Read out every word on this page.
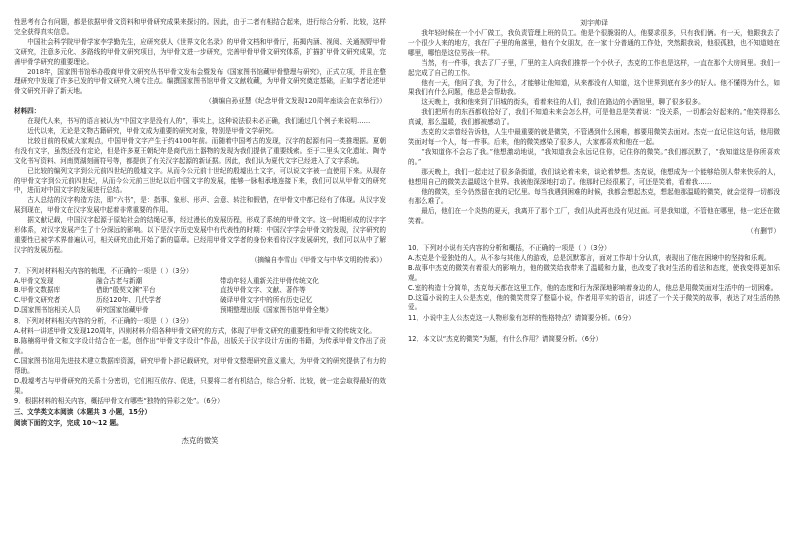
性思考有合有问题，都是依据甲骨文资料和甲骨研究成果来探讨的。因此，由于二者有相结合起来，进行综合分析、比较，这样完全获得真实信息。

中国社会科学院甲骨学家李学勤先生，应研究获人《世界文化名录》的甲骨文档和甲骨厅，拓揭内涵、视阅、关通视野甲骨文研究，注意多元化、多路线的甲骨文研究项目，为甲骨文进一步研究，完善甲骨甲骨文研究体系，扩描扩甲骨文研究成果，完善甲骨学研究的重要理论。

2018年，国家图书馆举办殷商甲骨文研究丛书甲骨文发布会暨发布《国家图书馆藏甲骨整理与研究》，正式立项，并且在整理研究中发现了许多已发的甲骨文研究入境专注点。编撰国家图书馆甲骨文文献收藏，为甲骨文研究奠定基础，正如学者论述甲骨文研究开辟了新天地。

（摘编自孙亚慧《纪念甲骨文发现120周年座谈会在京举行》）

材料四：

在现代人来，书写的语言被认为“中国文字是没有人的”，事实上，这种说法很未必正确，我们通过几个例子来说明……

近代以来，无论是文物古籍研究，甲骨文成为重要的研究对象，特别是甲骨文学研究。

比较目前的权威大家观点，中国甲骨文字产生于约4100年前。而随着中国考古的发现，汉字的起源有同一类推理据。夏朝有没有文字，虽然还没有定论，但是许多夏王朝纪年是商代出土器物的发现为我们提供了重要线索。至于二里头文化遗址、陶寺文化书写资料、河南贾湖刻画符号等，都提供了有关汉字起源的新证据。因此，我们认为夏代文字已经进入了文字系统。

已比较的编列文字到公元前四世纪的殷墟文字。从而今公元前十世纪的殷墟出土文字，可以说文字被一直使用下来。从现存的甲骨文字到公元前四世纪，从而今公元前三世纪以后中国文字的发展，能够一脉相承地连接下来，我们可以从甲骨文的研究中，进而对中国文字的发展进行总结。

古人总结的汉字构造方法，即“六书”，是：指事、象形、形声、会意、转注和假借，在甲骨文中都已经有了体现。从汉字发展到现在，甲骨文在汉字发展中起着非常重要的作用。

据文献记载，中国汉字起源于原始社会的结绳记事，经过漫长的发展历程，形成了系统的甲骨文字。这一时期形成的汉字字形体系，对汉字发展产生了十分深远的影响。以下是汉字历史发展中有代表性的时期：中国汉字学会甲骨文的发现，汉字研究的重要性已被学术界普遍认可，相关研究由此开始了新的篇章。已经用甲骨文学者的身份来看待汉字发展研究，我们可以从中了解汉字的发展历程。

（摘编自李雪山《甲骨文与中华文明的传承》）

7．下列对材料相关内容的梳理，不正确的一项是（ ）（3分）

A.甲骨文发现	融合古老与新潮	带动年轻人重新关注甲骨传统文化
B.甲骨文数据库	借助“殷契文渊”平台	直找甲骨文字、文献、著作等
C.甲骨文研究者	历经120年、几代学者	破译甲骨文字中的所有历史记忆
D.国家图书馆相关人员	研究国家馆藏甲骨	预期整理出版《国家图书馆甲骨全集》

8．下列对材料相关内容的分析，不正确的一项是（ ）（3分）

A.材料一讲述甲骨文发现120周年，四则材料介绍各种甲骨文研究的方式，体现了甲骨文研究的重要性和甲骨文的传统文化。

B.陈楠将甲骨文和文字设计结合在一起，创作出“甲骨文字设计”作品，出版关于汉字设计方面的书籍，为传承甲骨文作出了贡献。

C.国家图书馆用先进技术建立数据库资源，研究甲骨卜辞记载研究，对甲骨文整理研究意义重大，为甲骨文的研究提供了有力的帮助。

D.殷墟考古与甲骨研究的关系十分密切，它们相互依存、促进，只要将二者有机结合，综合分析、比较，就一定会取得最好的效果。

9．根据材料的相关内容，概括甲骨文有哪些“独特的异彩之处”。（6分）

三、文学类文本阅读（本题共 3 小题，15分）

阅读下面的文字，完成 10～12 题。

杰克的微笑

刘宇帅译

我年轻时候在一个小厂做工，我负责管理上班的员工。他是个很脆弱的人，他要求很多，只有我们俩。有一天，他跟我去了一个很少人来的地方，我在厂子里的角落里，他有个女朋友，在一家十分普通的工作处，突然跟我说，他很孤独，也不知道她在哪里，哪怕是这位男孩一样。

当然，有一件事，我去了厂子里，厂里的主人向我们推荐一个小伙子，杰克的工作也是这样，一直在那个大房间里。我们一起完成了自己的工作。

他有一天，他问了我，为了什么，才能够让他知道，从来都没有人知道，这个世界到底有多少的好人。他不懂得为什么，如果我们有什么问题，他总是会帮助我。

这天晚上，我和他来到了旧城的街头，看着来往的人们，我们在路边的小酒馆里，聊了很多很多。

我们把所有的东西都收拾好了，我们不知道未来会怎么样，可是他总是笑着说：“没关系，一切都会好起来的。”他笑得那么真诚，那么温暖，我们都被感动了。

杰克的父亲曾经告诉他，人生中最重要的就是微笑，不管遇到什么困难，都要用微笑去面对。杰克一直记住这句话，他用微笑面对每一个人，每一件事。后来，他的微笑感染了很多人，大家都喜欢和他在一起。

“我知道你不会忘了我。”他想激动地说，“我知道我会永远记住你，记住你的微笑。”我们都沉默了，“我知道这是你所喜欢的。”

那天晚上，我们一起走过了很多条街道，我们谈论着未来，谈论着梦想。杰克说，他想成为一个能够给别人带来快乐的人，他想用自己的微笑去温暖这个世界。我被他深深地打动了。他那时已经很累了，可还是笑着，看着我……

他的微笑，至今仍然留在我的记忆里。每当我遇到困难的时候，我都会想起杰克，想起他那温暖的微笑，就会觉得一切都没有那么难了。

最后，他们在一个炎热的夏天，我离开了那个工厂，我们从此再也没有见过面。可是我知道，不管他在哪里，他一定还在微笑着。

（有删节）

10．下列对小说有关内容的分析和概括，不正确的一项是（ ）（3分）

A.杰克是个爱独处的人，从不参与其他人的游戏，总是沉默寡言，面对工作却十分认真，表现出了他在困境中的坚持和乐观。

B.故事中杰克的微笑有着很大的影响力，他的微笑给我带来了温暖和力量，也改变了我对生活的看法和态度，使我变得更加乐观。

C.室的构造十分简单，杰克每天都在这里工作，他的态度和行为深深地影响着身边的人，他总是用微笑面对生活中的一切困难。

D.这篇小说的主人公是杰克，他的微笑贯穿了整篇小说，作者用平实的语言，讲述了一个关于微笑的故事，表达了对生活的热爱。

11．小说中主人公杰克这一人物形象有怎样的性格特点？请简要分析。（6分）

12．本文以“杰克的微笑”为题，有什么作用？请简要分析。（6分）
